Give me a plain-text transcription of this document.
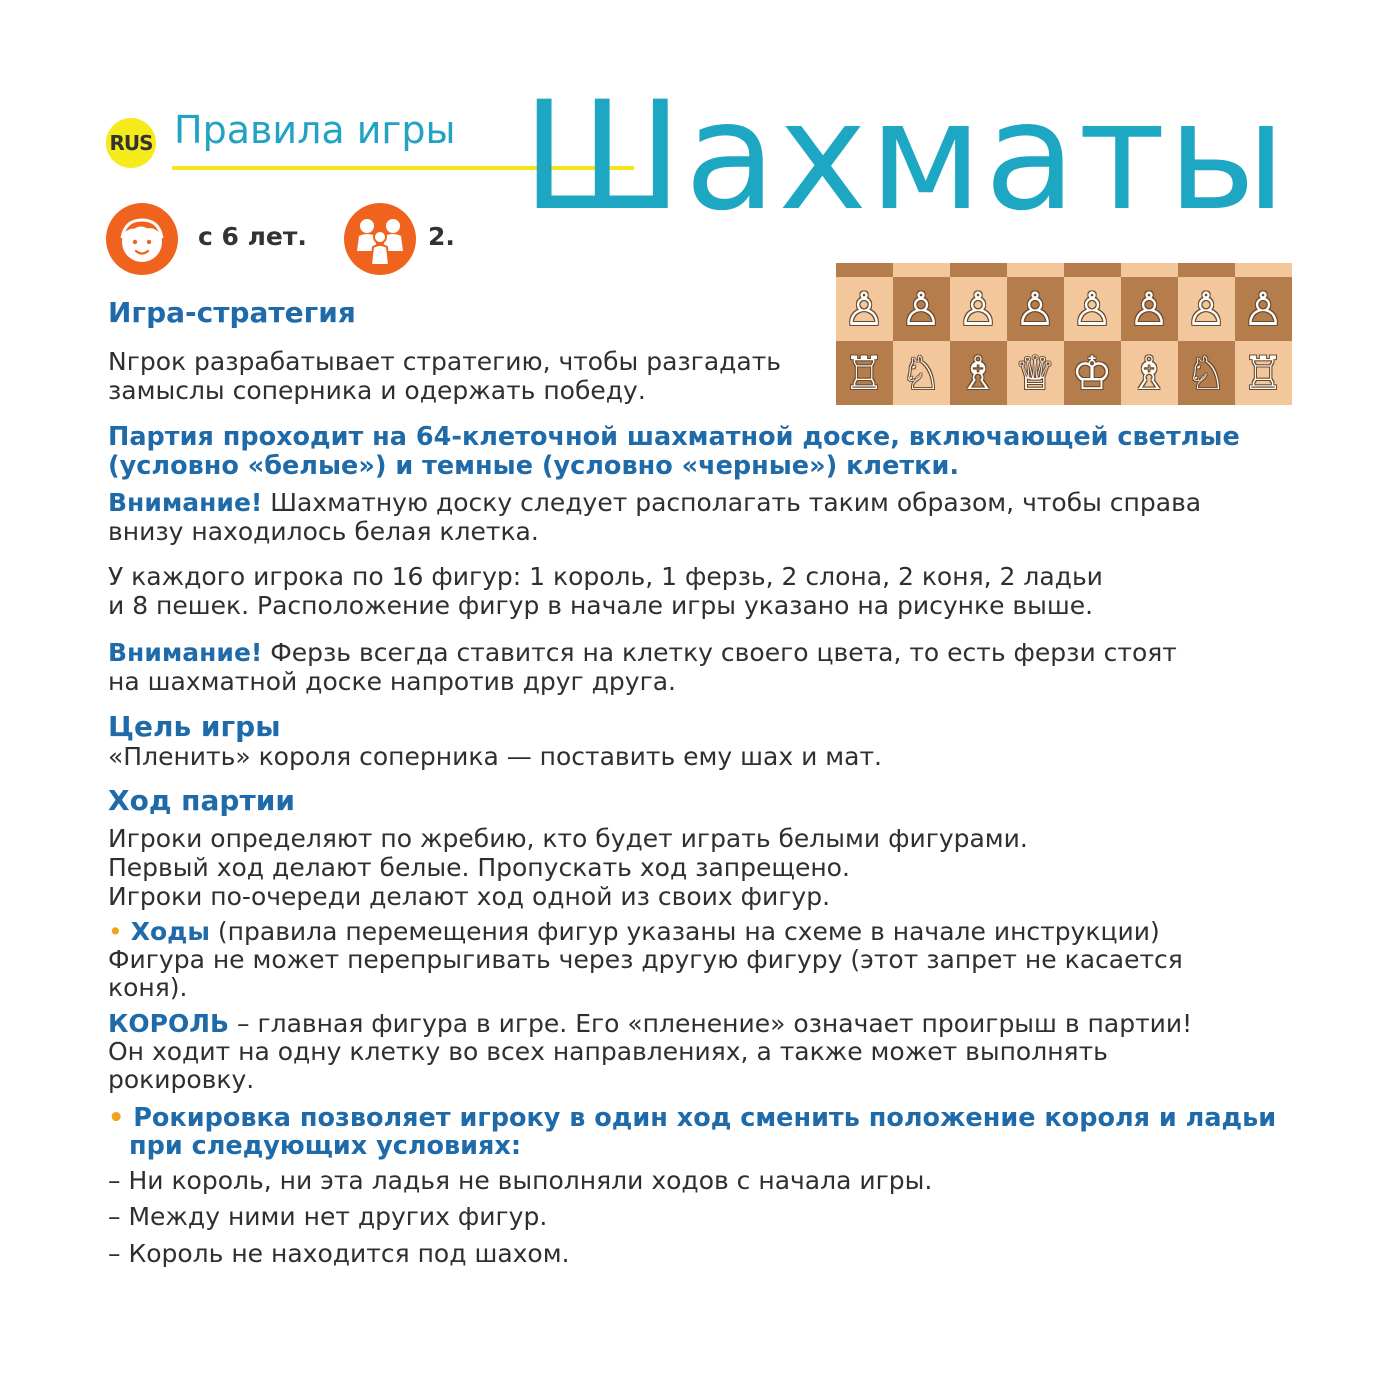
RUS Правила игры Шахматы
с 6 лет.	2.
♙ ♙ ♙ ♙ ♙ ♙ ♙ ♙
♖ ♘ ♗ ♕ ♔ ♗ ♘ ♖
Игра-стратегия
Nгрок разрабатывает стратегию, чтобы разгадать
замыслы соперника и одержать победу.
Партия проходит на 64-клеточной шахматной доске, включающей светлые
(условно «белые») и темные (условно «черные») клетки.
Внимание! Шахматную доску следует располагать таким образом, чтобы справа
внизу находилось белая клетка.
У каждого игрока по 16 фигур: 1 король, 1 ферзь, 2 слона, 2 коня, 2 ладьи
и 8 пешек. Расположение фигур в начале игры указано на рисунке выше.
Внимание! Ферзь всегда ставится на клетку своего цвета, то есть ферзи стоят
на шахматной доске напротив друг друга.
Цель игры
«Пленить» короля соперника — поставить ему шах и мат.
Ход партии
Игроки определяют по жребию, кто будет играть белыми фигурами.
Первый ход делают белые. Пропускать ход запрещено.
Игроки по-очереди делают ход одной из своих фигур.
• Ходы (правила перемещения фигур указаны на схеме в начале инструкции)
Фигура не может перепрыгивать через другую фигуру (этот запрет не касается
коня).
КОРОЛЬ – главная фигура в игре. Его «пленение» означает проигрыш в партии!
Он ходит на одну клетку во всех направлениях, а также может выполнять
рокировку.
• Рокировка позволяет игроку в один ход сменить положение короля и ладьи
при следующих условиях:
– Ни король, ни эта ладья не выполняли ходов с начала игры.
– Между ними нет других фигур.
– Король не находится под шахом.
